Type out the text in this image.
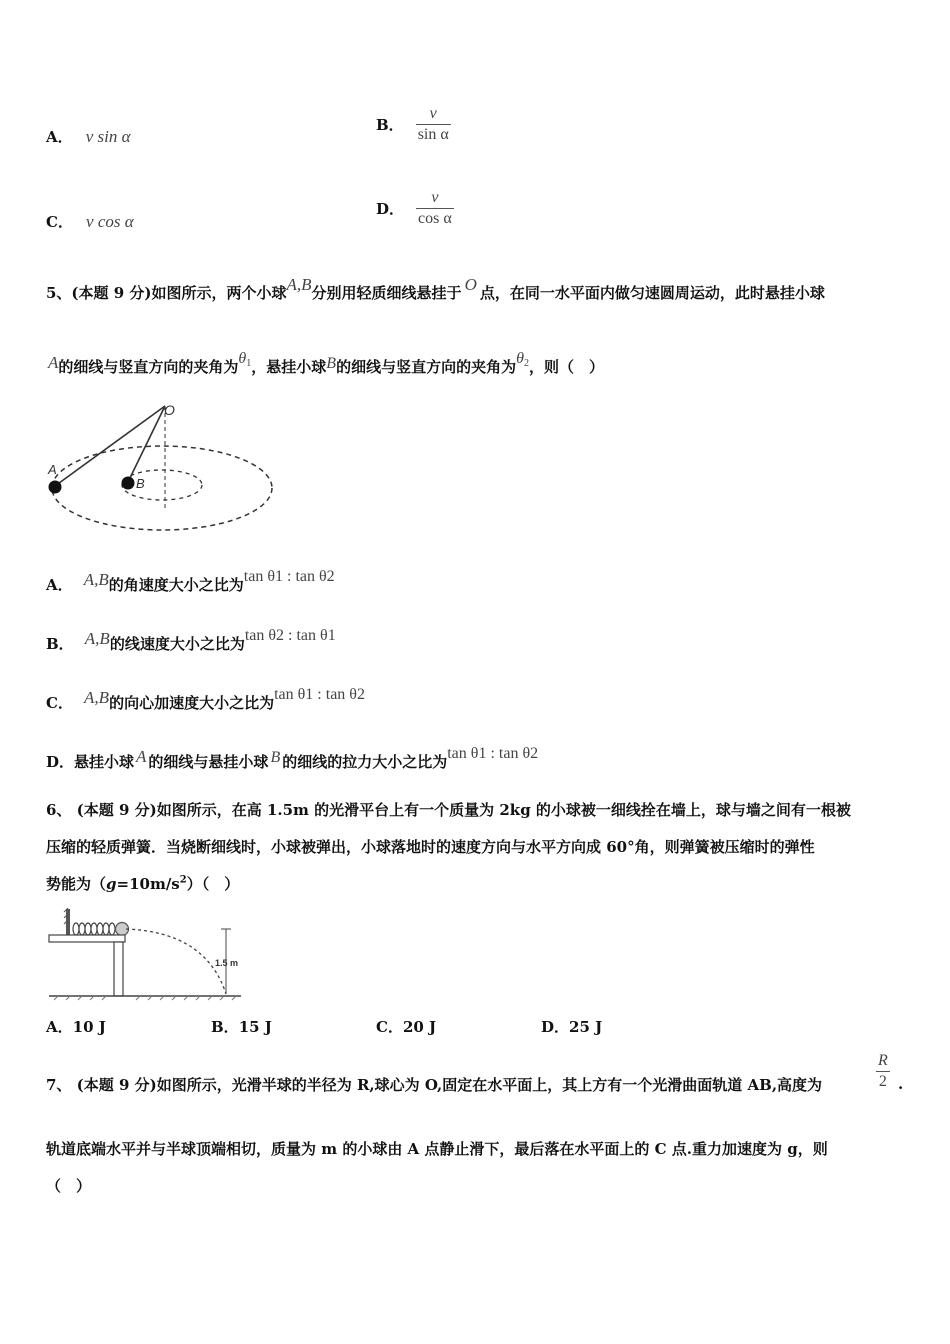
A． v sin α
B． $\frac{v}{\text{sin α}}$
C． v cos α
D． $\frac{v}{\text{cos α}}$
5、(本题 9 分)如图所示，两个小球A,B分别用轻质细线悬挂于 O 点，在同一水平面内做匀速圆周运动，此时悬挂小球
A的细线与竖直方向的夹角为$\theta_1$，悬挂小球B的细线与竖直方向的夹角为$\theta_2$，则（　）
O
A
B
A． A,B的角速度大小之比为tan θ1 : tan θ2
B． A,B的线速度大小之比为tan θ2 : tan θ1
C． A,B的向心加速度大小之比为tan θ1 : tan θ2
D．悬挂小球 A 的细线与悬挂小球 B 的细线的拉力大小之比为tan θ1 : tan θ2
6、 (本题 9 分)如图所示，在高 1.5m 的光滑平台上有一个质量为 2kg 的小球被一细线拴在墙上，球与墙之间有一根被
压缩的轻质弹簧．当烧断细线时，小球被弹出，小球落地时的速度方向与水平方向成 60°角，则弹簧被压缩时的弹性
势能为$(g=10m/s^2)$（　）
1.5 m
A．10 J	B．15 J	C．20 J	D．25 J
7、 (本题 9 分)如图所示，光滑半球的半径为 R,球心为 O,固定在水平面上，其上方有一个光滑曲面轨道 AB,高度为	$\frac{R}{2}$ .
轨道底端水平并与半球顶端相切，质量为 m 的小球由 A 点静止滑下，最后落在水平面上的 C 点.重力加速度为 g，则
（　）
